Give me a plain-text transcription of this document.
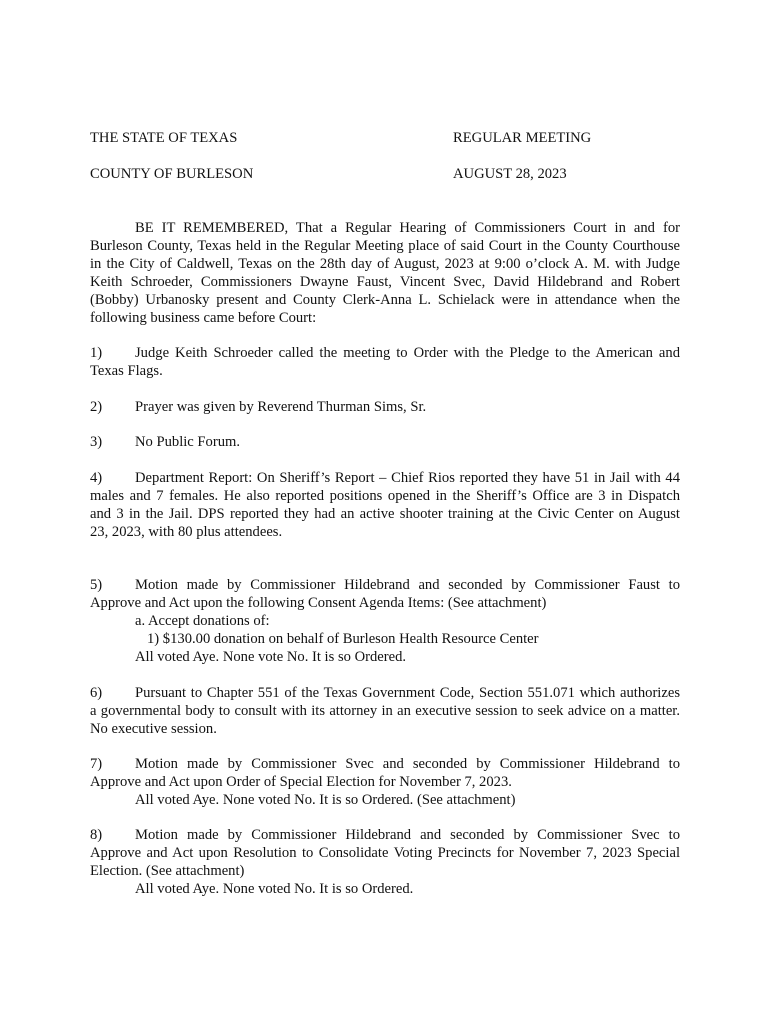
THE STATE OF TEXAS	REGULAR MEETING
COUNTY OF BURLESON	AUGUST 28, 2023
BE IT REMEMBERED, That a Regular Hearing of Commissioners Court in and for
Burleson County, Texas held in the Regular Meeting place of said Court in the County Courthouse
in the City of Caldwell, Texas on the 28th day of August, 2023 at 9:00 o’clock A. M. with Judge
Keith Schroeder, Commissioners Dwayne Faust, Vincent Svec, David Hildebrand and Robert
(Bobby) Urbanosky present and County Clerk-Anna L. Schielack were in attendance when the
following business came before Court:
1) Judge Keith Schroeder called the meeting to Order with the Pledge to the American and
Texas Flags.
2) Prayer was given by Reverend Thurman Sims, Sr.
3) No Public Forum.
4) Department Report: On Sheriff’s Report – Chief Rios reported they have 51 in Jail with 44
males and 7 females. He also reported positions opened in the Sheriff’s Office are 3 in Dispatch
and 3 in the Jail. DPS reported they had an active shooter training at the Civic Center on August
23, 2023, with 80 plus attendees.
5) Motion made by Commissioner Hildebrand and seconded by Commissioner Faust to
Approve and Act upon the following Consent Agenda Items: (See attachment)
a. Accept donations of:
1) $130.00 donation on behalf of Burleson Health Resource Center
All voted Aye. None vote No. It is so Ordered.
6) Pursuant to Chapter 551 of the Texas Government Code, Section 551.071 which authorizes
a governmental body to consult with its attorney in an executive session to seek advice on a matter.
No executive session.
7) Motion made by Commissioner Svec and seconded by Commissioner Hildebrand to
Approve and Act upon Order of Special Election for November 7, 2023.
All voted Aye. None voted No. It is so Ordered. (See attachment)
8) Motion made by Commissioner Hildebrand and seconded by Commissioner Svec to
Approve and Act upon Resolution to Consolidate Voting Precincts for November 7, 2023 Special
Election. (See attachment)
All voted Aye. None voted No. It is so Ordered.
